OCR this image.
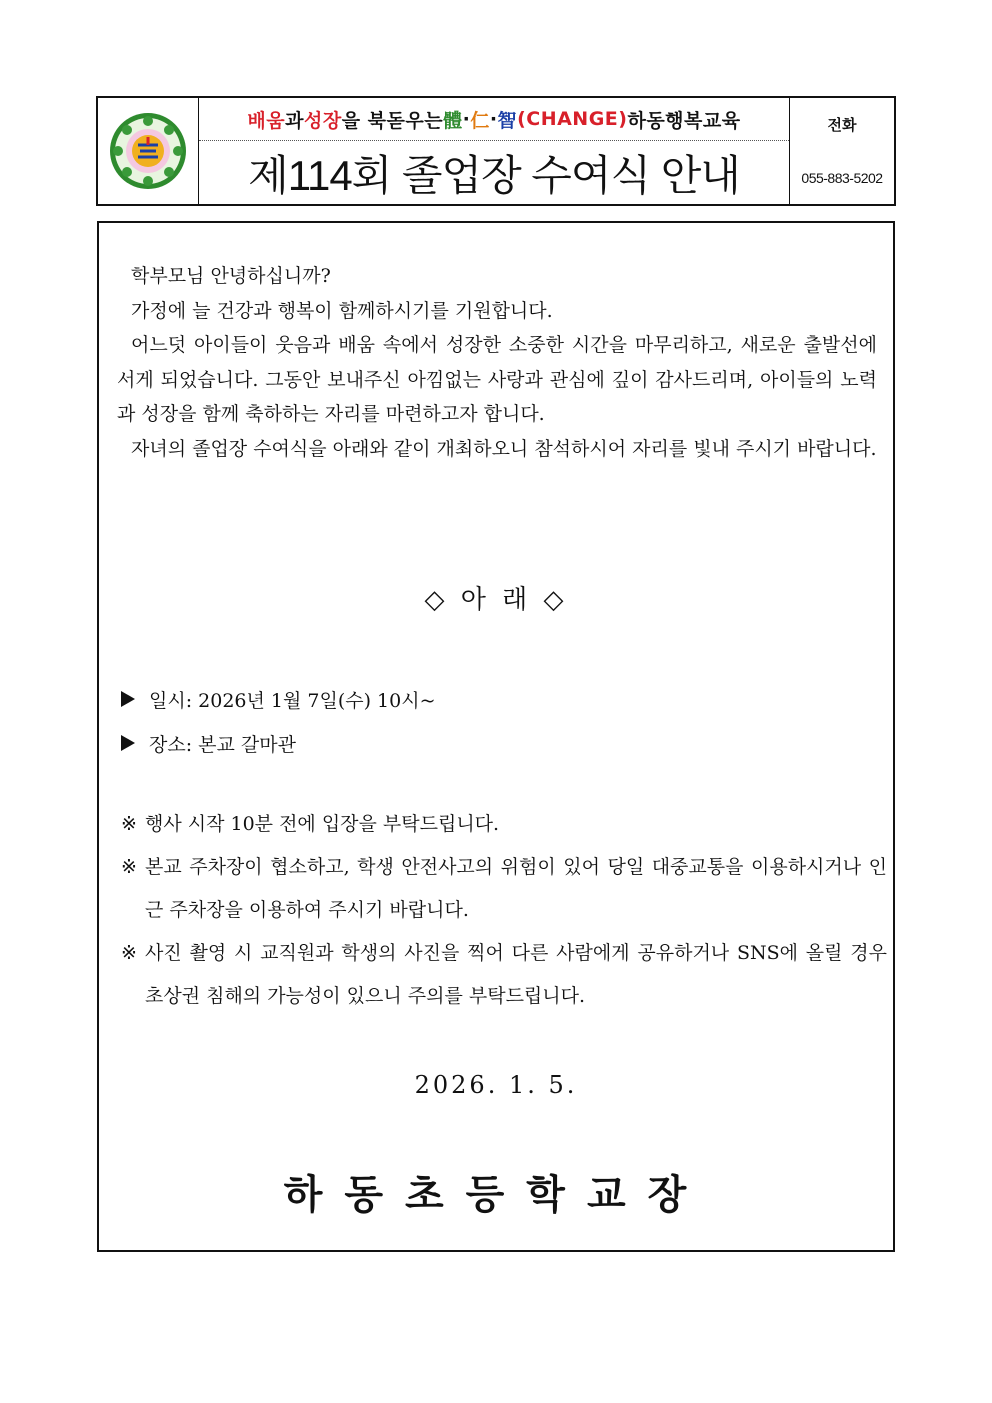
배움 과 성장 을 북돋우는 體 · 仁 · 智 (CHANGE) 하동행복교육
제114회 졸업장 수여식 안내
전화
055-883-5202

학부모님 안녕하십니까?

가정에 늘 건강과 행복이 함께하시기를 기원합니다.

어느덧 아이들이 웃음과 배움 속에서 성장한 소중한 시간을 마무리하고, 새로운 출발선에 서게 되었습니다. 그동안 보내주신 아낌없는 사랑과 관심에 깊이 감사드리며, 아이들의 노력과 성장을 함께 축하하는 자리를 마련하고자 합니다.

자녀의 졸업장 수여식을 아래와 같이 개최하오니 참석하시어 자리를 빛내 주시기 바랍니다.

◇ 아 래 ◇
일시: 2026년 1월 7일(수) 10시~
장소: 본교 갈마관
※ 행사 시작 10분 전에 입장을 부탁드립니다.
※ 본교 주차장이 협소하고, 학생 안전사고의 위험이 있어 당일 대중교통을 이용하시거나 인근 주차장을 이용하여 주시기 바랍니다.
※ 사진 촬영 시 교직원과 학생의 사진을 찍어 다른 사람에게 공유하거나 SNS에 올릴 경우 초상권 침해의 가능성이 있으니 주의를 부탁드립니다.
2026. 1. 5.
하동초등학교장
